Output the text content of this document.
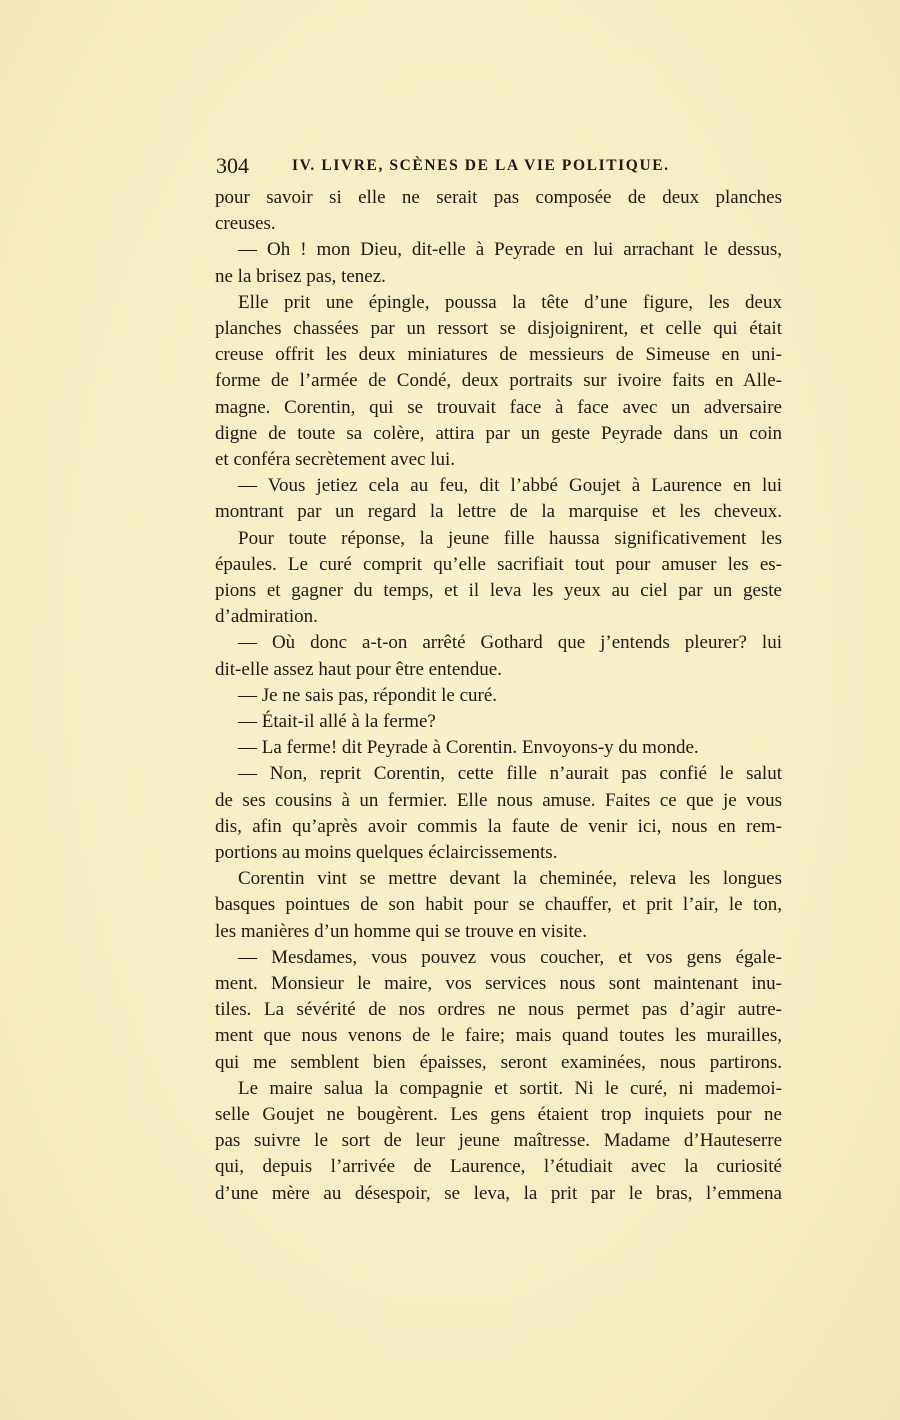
304	IV. LIVRE, SCÈNES DE LA VIE POLITIQUE.
pour savoir si elle ne serait pas composée de deux planches
creuses.
— Oh ! mon Dieu, dit-elle à Peyrade en lui arrachant le dessus,
ne la brisez pas, tenez.
Elle prit une épingle, poussa la tête d’une figure, les deux
planches chassées par un ressort se disjoignirent, et celle qui était
creuse offrit les deux miniatures de messieurs de Simeuse en uni-
forme de l’armée de Condé, deux portraits sur ivoire faits en Alle-
magne. Corentin, qui se trouvait face à face avec un adversaire
digne de toute sa colère, attira par un geste Peyrade dans un coin
et conféra secrètement avec lui.
— Vous jetiez cela au feu, dit l’abbé Goujet à Laurence en lui
montrant par un regard la lettre de la marquise et les cheveux.
Pour toute réponse, la jeune fille haussa significativement les
épaules. Le curé comprit qu’elle sacrifiait tout pour amuser les es-
pions et gagner du temps, et il leva les yeux au ciel par un geste
d’admiration.
— Où donc a-t-on arrêté Gothard que j’entends pleurer? lui
dit-elle assez haut pour être entendue.
— Je ne sais pas, répondit le curé.
— Était-il allé à la ferme?
— La ferme! dit Peyrade à Corentin. Envoyons-y du monde.
— Non, reprit Corentin, cette fille n’aurait pas confié le salut
de ses cousins à un fermier. Elle nous amuse. Faites ce que je vous
dis, afin qu’après avoir commis la faute de venir ici, nous en rem-
portions au moins quelques éclaircissements.
Corentin vint se mettre devant la cheminée, releva les longues
basques pointues de son habit pour se chauffer, et prit l’air, le ton,
les manières d’un homme qui se trouve en visite.
— Mesdames, vous pouvez vous coucher, et vos gens égale-
ment. Monsieur le maire, vos services nous sont maintenant inu-
tiles. La sévérité de nos ordres ne nous permet pas d’agir autre-
ment que nous venons de le faire; mais quand toutes les murailles,
qui me semblent bien épaisses, seront examinées, nous partirons.
Le maire salua la compagnie et sortit. Ni le curé, ni mademoi-
selle Goujet ne bougèrent. Les gens étaient trop inquiets pour ne
pas suivre le sort de leur jeune maîtresse. Madame d’Hauteserre
qui, depuis l’arrivée de Laurence, l’étudiait avec la curiosité
d’une mère au désespoir, se leva, la prit par le bras, l’emmena
